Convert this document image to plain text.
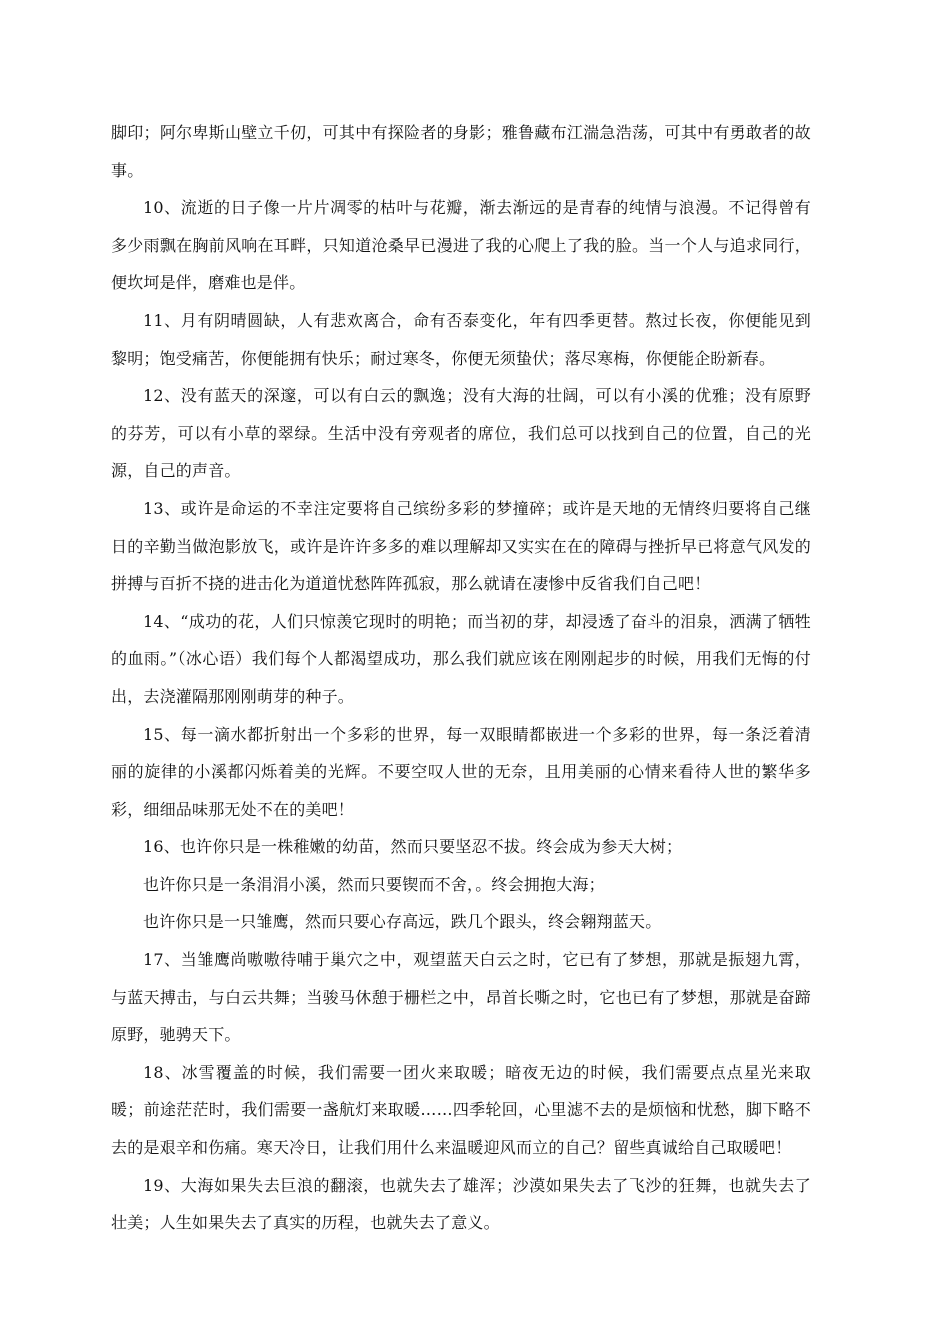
脚印；阿尔卑斯山壁立千仞，可其中有探险者的身影；雅鲁藏布江湍急浩荡，可其中有勇敢者的故事。

10、流逝的日子像一片片凋零的枯叶与花瓣，渐去渐远的是青春的纯情与浪漫。不记得曾有多少雨飘在胸前风响在耳畔，只知道沧桑早已漫进了我的心爬上了我的脸。当一个人与追求同行，便坎坷是伴，磨难也是伴。

11、月有阴晴圆缺，人有悲欢离合，命有否泰变化，年有四季更替。熬过长夜，你便能见到黎明；饱受痛苦，你便能拥有快乐；耐过寒冬，你便无须蛰伏；落尽寒梅，你便能企盼新春。

12、没有蓝天的深邃，可以有白云的飘逸；没有大海的壮阔，可以有小溪的优雅；没有原野的芬芳，可以有小草的翠绿。生活中没有旁观者的席位，我们总可以找到自己的位置，自己的光源，自己的声音。

13、或许是命运的不幸注定要将自己缤纷多彩的梦撞碎；或许是天地的无情终归要将自己继日的辛勤当做泡影放飞，或许是许许多多的难以理解却又实实在在的障碍与挫折早已将意气风发的拼搏与百折不挠的进击化为道道忧愁阵阵孤寂，那么就请在凄惨中反省我们自己吧！

14、“成功的花，人们只惊羡它现时的明艳；而当初的芽，却浸透了奋斗的泪泉，洒满了牺牲的血雨。”（冰心语）我们每个人都渴望成功，那么我们就应该在刚刚起步的时候，用我们无悔的付出，去浇灌隔那刚刚萌芽的种子。

15、每一滴水都折射出一个多彩的世界，每一双眼睛都嵌进一个多彩的世界，每一条泛着清丽的旋律的小溪都闪烁着美的光辉。不要空叹人世的无奈，且用美丽的心情来看待人世的繁华多彩，细细品味那无处不在的美吧！

16、也许你只是一株稚嫩的幼苗，然而只要坚忍不拔。终会成为参天大树；

也许你只是一条涓涓小溪，然而只要锲而不舍，。终会拥抱大海；

也许你只是一只雏鹰，然而只要心存高远，跌几个跟头，终会翱翔蓝天。

17、当雏鹰尚嗷嗷待哺于巢穴之中，观望蓝天白云之时，它已有了梦想，那就是振翅九霄，与蓝天搏击，与白云共舞；当骏马休憩于栅栏之中，昂首长嘶之时，它也已有了梦想，那就是奋蹄原野，驰骋天下。

18、冰雪覆盖的时候，我们需要一团火来取暖；暗夜无边的时候，我们需要点点星光来取暖；前途茫茫时，我们需要一盏航灯来取暖……四季轮回，心里滤不去的是烦恼和忧愁，脚下略不去的是艰辛和伤痛。寒天冷日，让我们用什么来温暖迎风而立的自己？留些真诚给自己取暖吧！

19、大海如果失去巨浪的翻滚，也就失去了雄浑；沙漠如果失去了飞沙的狂舞，也就失去了壮美；人生如果失去了真实的历程，也就失去了意义。
